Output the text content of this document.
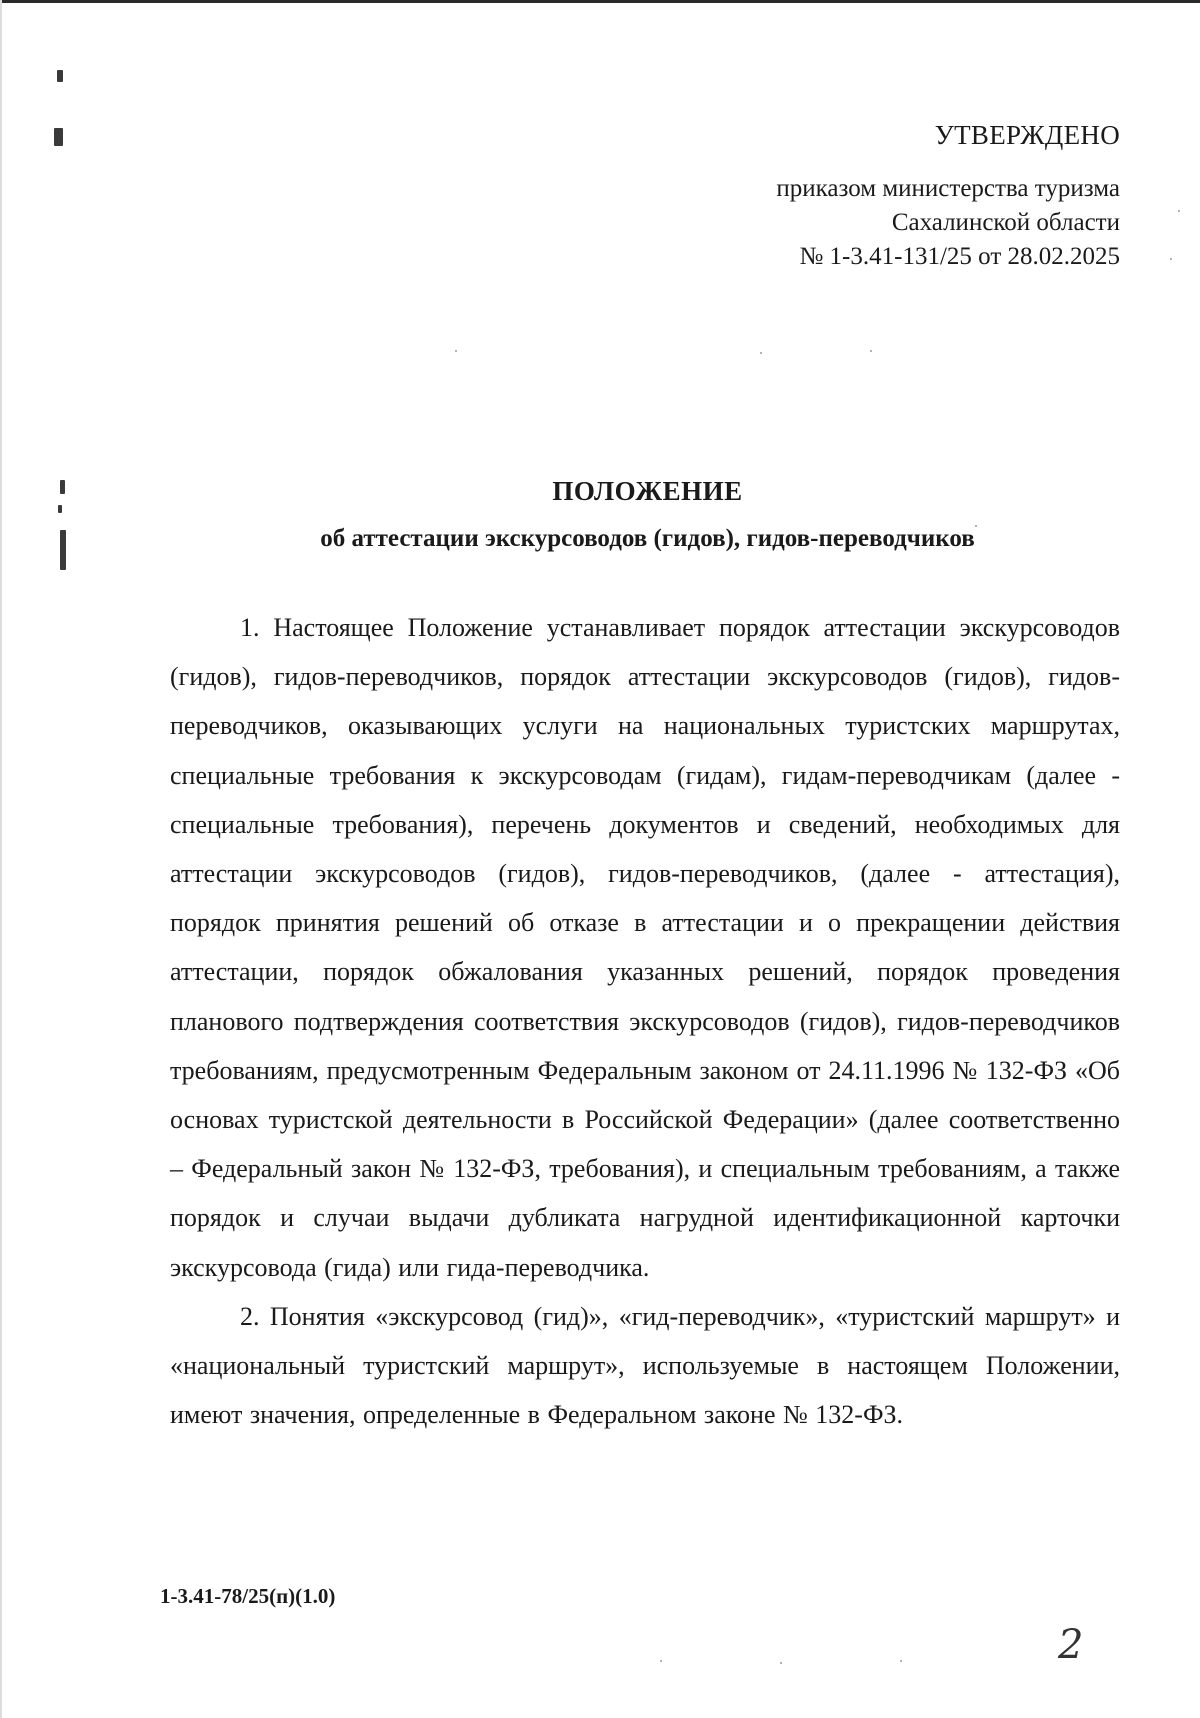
УТВЕРЖДЕНО
приказом министерства туризма
Сахалинской области
№ 1-3.41-131/25 от 28.02.2025
ПОЛОЖЕНИЕ
об аттестации экскурсоводов (гидов), гидов-переводчиков

1. Настоящее Положение устанавливает порядок аттестации экскурсоводов (гидов), гидов-переводчиков, порядок аттестации экскурсоводов (гидов), гидов-переводчиков, оказывающих услуги на национальных туристских маршрутах, специальные требования к экскурсоводам (гидам), гидам-переводчикам (далее - специальные требования), перечень документов и сведений, необходимых для аттестации экскурсоводов (гидов), гидов-переводчиков, (далее - аттестация), порядок принятия решений об отказе в аттестации и о прекращении действия аттестации, порядок обжалования указанных решений, порядок проведения планового подтверждения соответствия экскурсоводов (гидов), гидов-переводчиков требованиям, предусмотренным Федеральным законом от 24.11.1996 № 132-ФЗ «Об основах туристской деятельности в Российской Федерации» (далее соответственно – Федеральный закон № 132-ФЗ, требования), и специальным требованиям, а также порядок и случаи выдачи дубликата нагрудной идентификационной карточки экскурсовода (гида) или гида-переводчика.

2. Понятия «экскурсовод (гид)», «гид-переводчик», «туристский маршрут» и «национальный туристский маршрут», используемые в настоящем Положении, имеют значения, определенные в Федеральном законе № 132-ФЗ.

1-3.41-78/25(п)(1.0)
2
